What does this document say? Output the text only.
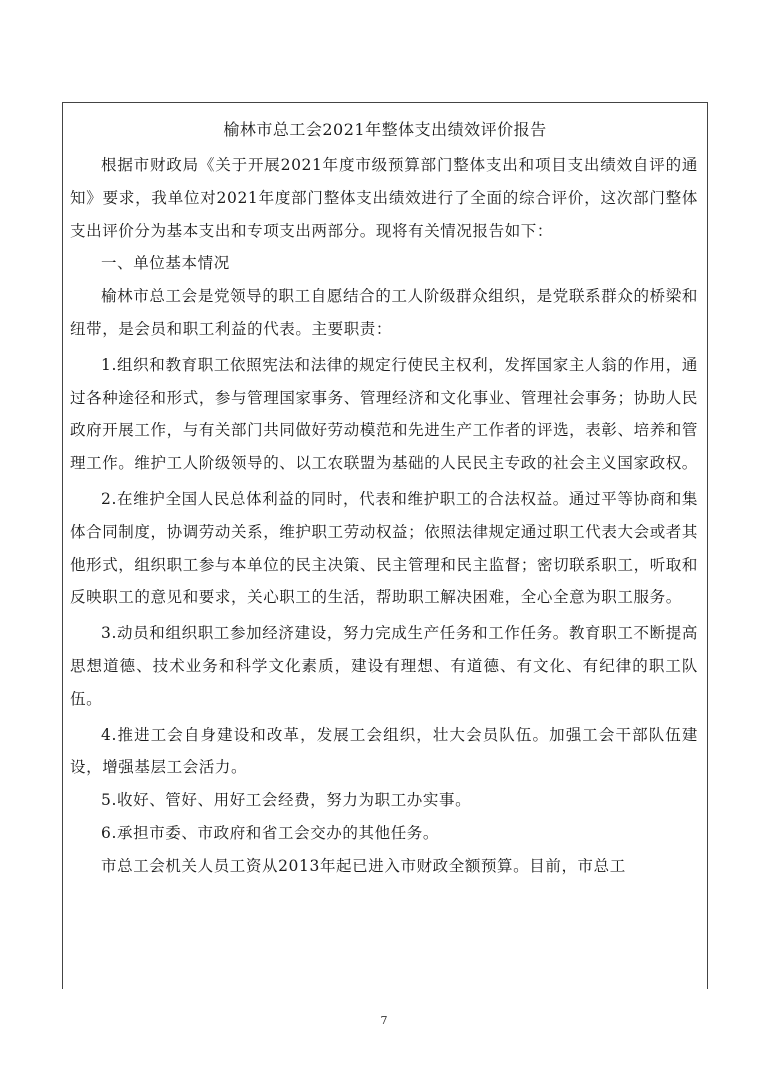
榆林市总工会2021年整体支出绩效评价报告

根据市财政局《关于开展2021年度市级预算部门整体支出和项目支出绩效自评的通知》要求，我单位对2021年度部门整体支出绩效进行了全面的综合评价，这次部门整体支出评价分为基本支出和专项支出两部分。现将有关情况报告如下：

一、单位基本情况

榆林市总工会是党领导的职工自愿结合的工人阶级群众组织，是党联系群众的桥梁和纽带，是会员和职工利益的代表。主要职责：

1.组织和教育职工依照宪法和法律的规定行使民主权利，发挥国家主人翁的作用，通过各种途径和形式，参与管理国家事务、管理经济和文化事业、管理社会事务；协助人民政府开展工作，与有关部门共同做好劳动模范和先进生产工作者的评选，表彰、培养和管理工作。维护工人阶级领导的、以工农联盟为基础的人民民主专政的社会主义国家政权。

2.在维护全国人民总体利益的同时，代表和维护职工的合法权益。通过平等协商和集体合同制度，协调劳动关系，维护职工劳动权益；依照法律规定通过职工代表大会或者其他形式，组织职工参与本单位的民主决策、民主管理和民主监督；密切联系职工，听取和反映职工的意见和要求，关心职工的生活，帮助职工解决困难，全心全意为职工服务。

3.动员和组织职工参加经济建设，努力完成生产任务和工作任务。教育职工不断提高思想道德、技术业务和科学文化素质，建设有理想、有道德、有文化、有纪律的职工队伍。

4.推进工会自身建设和改革，发展工会组织，壮大会员队伍。加强工会干部队伍建设，增强基层工会活力。

5.收好、管好、用好工会经费，努力为职工办实事。

6.承担市委、市政府和省工会交办的其他任务。

市总工会机关人员工资从2013年起已进入市财政全额预算。目前，市总工

7
